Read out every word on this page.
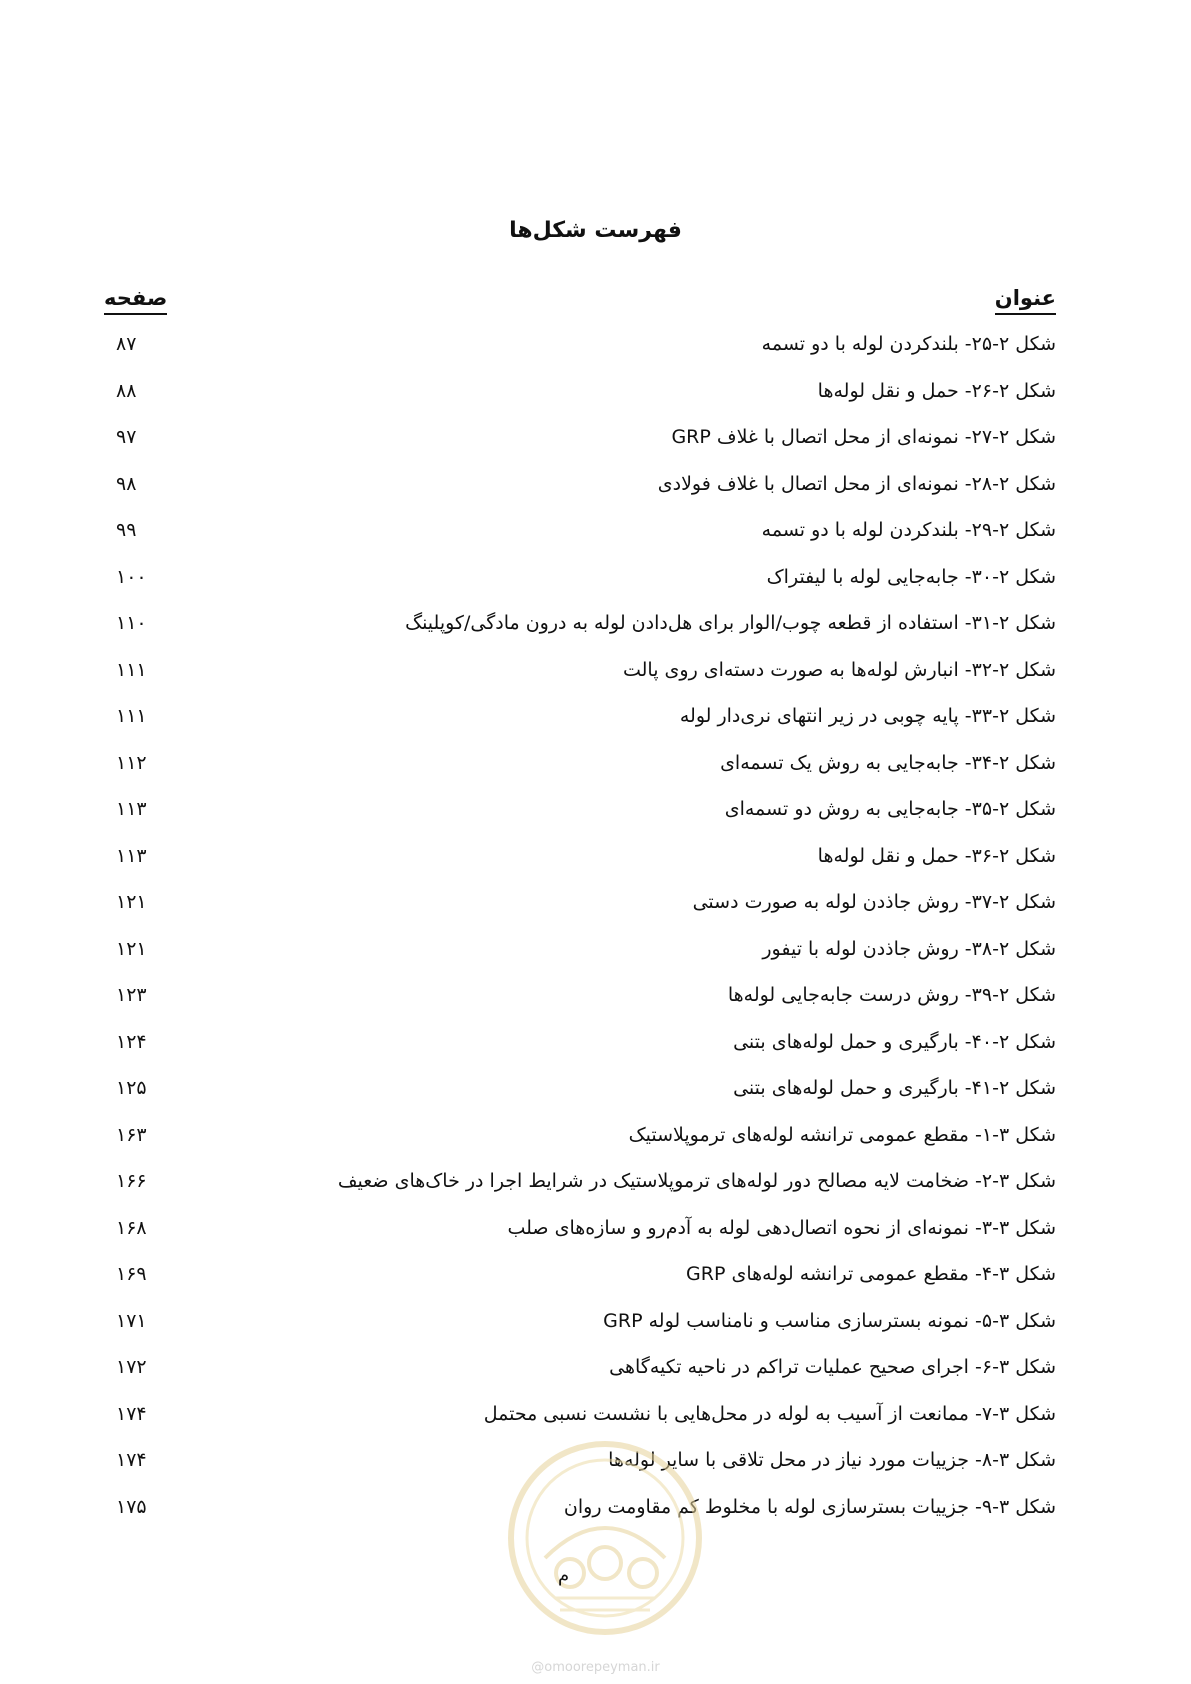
فهرست شکل‌ها
عنوان
صفحه
شکل ۲-۲۵- بلندکردن لوله با دو تسمه
۸۷
شکل ۲-۲۶- حمل و نقل لوله‌ها
۸۸
شکل ۲-۲۷- نمونه‌ای از محل اتصال با غلاف GRP
۹۷
شکل ۲-۲۸- نمونه‌ای از محل اتصال با غلاف فولادی
۹۸
شکل ۲-۲۹- بلندکردن لوله با دو تسمه
۹۹
شکل ۲-۳۰- جابه‌جایی لوله با لیفتراک
۱۰۰
شکل ۲-۳۱- استفاده از قطعه چوب/الوار برای هل‌دادن لوله به درون مادگی/کوپلینگ
۱۱۰
شکل ۲-۳۲- انبارش لوله‌ها به صورت دسته‌ای روی پالت
۱۱۱
شکل ۲-۳۳- پایه چوبی در زیر انتهای نری‌دار لوله
۱۱۱
شکل ۲-۳۴- جابه‌جایی به روش یک تسمه‌ای
۱۱۲
شکل ۲-۳۵- جابه‌جایی به روش دو تسمه‌ای
۱۱۳
شکل ۲-۳۶- حمل و نقل لوله‌ها
۱۱۳
شکل ۲-۳۷- روش جاذدن لوله به صورت دستی
۱۲۱
شکل ۲-۳۸- روش جاذدن لوله با تیفور
۱۲۱
شکل ۲-۳۹- روش درست جابه‌جایی لوله‌ها
۱۲۳
شکل ۲-۴۰- بارگیری و حمل لوله‌های بتنی
۱۲۴
شکل ۲-۴۱- بارگیری و حمل لوله‌های بتنی
۱۲۵
شکل ۳-۱- مقطع عمومی ترانشه لوله‌های ترموپلاستیک
۱۶۳
شکل ۳-۲- ضخامت لایه مصالح دور لوله‌های ترموپلاستیک در شرایط اجرا در خاک‌های ضعیف
۱۶۶
شکل ۳-۳- نمونه‌ای از نحوه اتصال‌دهی لوله به آدم‌رو و سازه‌های صلب
۱۶۸
شکل ۳-۴- مقطع عمومی ترانشه لوله‌های GRP
۱۶۹
شکل ۳-۵- نمونه بسترسازی مناسب و نامناسب لوله GRP
۱۷۱
شکل ۳-۶- اجرای صحیح عملیات تراکم در ناحیه تکیه‌گاهی
۱۷۲
شکل ۳-۷- ممانعت از آسیب به لوله در محل‌هایی با نشست نسبی محتمل
۱۷۴
شکل ۳-۸- جزییات مورد نیاز در محل تلاقی با سایر لوله‌ها
۱۷۴
شکل ۳-۹- جزییات بسترسازی لوله با مخلوط کم مقاومت روان
۱۷۵
م
@omoorepeyman.ir
